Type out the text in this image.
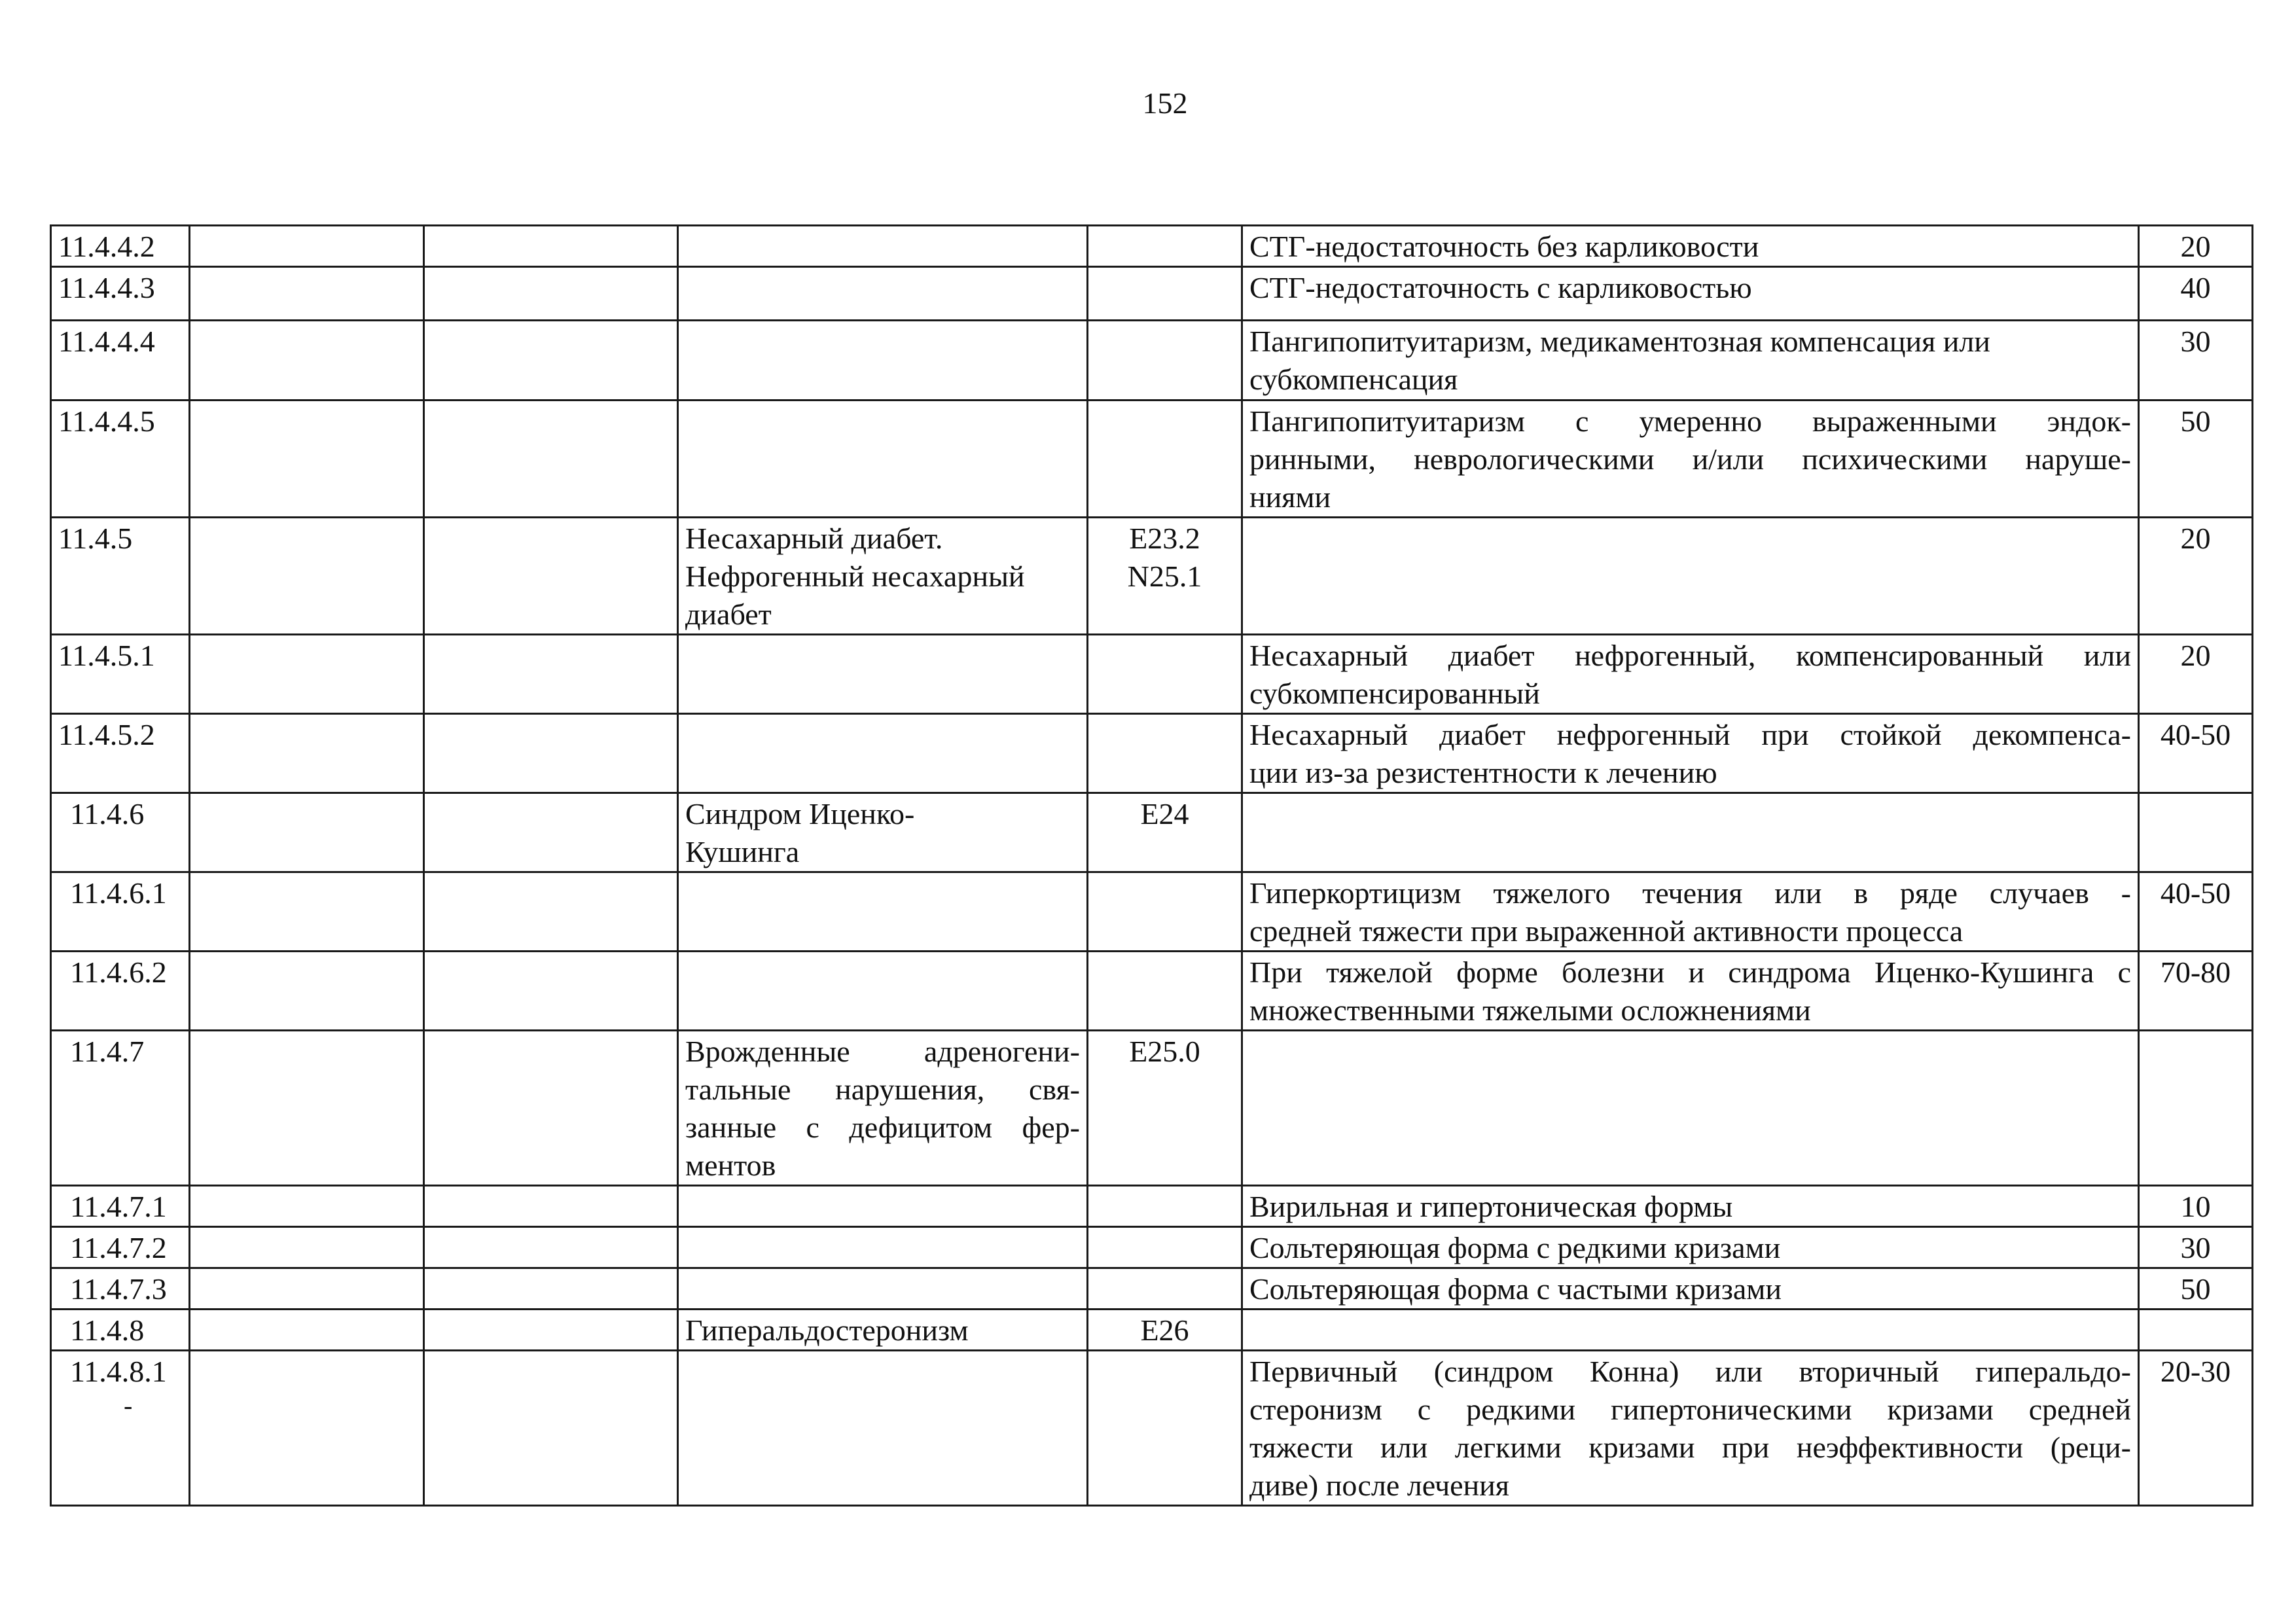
152
11.4.4.2					СТГ-недостаточность без карликовости	20

11.4.4.3					СТГ-недостаточность с карликовостью	40

11.4.4.4					Пангипопитуитаризм, медикаментозная компенсация или
субкомпенсация	30

11.4.4.5					Пангипопитуитаризм с умеренно выраженными эндок-
ринными, неврологическими и/или психическими наруше-
ниями	50

11.4.5			Несахарный диабет.
Нефрогенный несахарный
диабет	E23.2
N25.1		20

11.4.5.1					Несахарный диабет нефрогенный, компенсированный или
субкомпенсированный	20

11.4.5.2					Несахарный диабет нефрогенный при стойкой декомпенса-
ции из-за резистентности к лечению	40-50

11.4.6			Синдром Иценко-
Кушинга	E24		

11.4.6.1					Гиперкортицизм тяжелого течения или в ряде случаев -
средней тяжести при выраженной активности процесса	40-50

11.4.6.2					При тяжелой форме болезни и синдрома Иценко-Кушинга с
множественными тяжелыми осложнениями	70-80

11.4.7			Врожденные адреногени-
тальные нарушения, свя-
занные с дефицитом фер-
ментов	E25.0		

11.4.7.1					Вирильная и гипертоническая формы	10

11.4.7.2					Сольтеряющая форма с редкими кризами	30

11.4.7.3					Сольтеряющая форма с частыми кризами	50

11.4.8			Гиперальдостеронизм	E26		

11.4.8.1
-					Первичный (синдром Конна) или вторичный гиперальдо-
стеронизм с редкими гипертоническими кризами средней
тяжести или легкими кризами при неэффективности (реци-
диве) после лечения	20-30
